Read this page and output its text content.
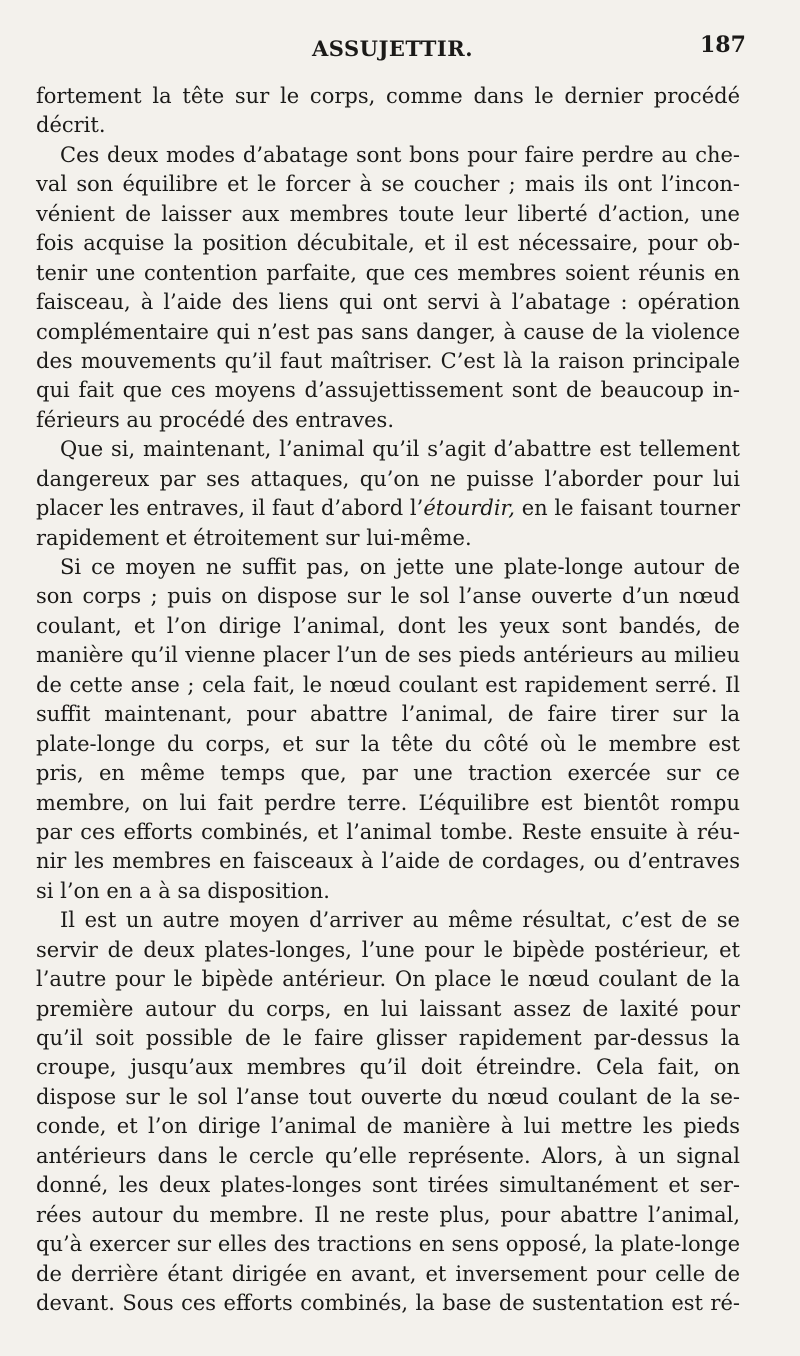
ASSUJETTIR.	187
fortement la tête sur le corps, comme dans le dernier procédé
décrit.
Ces deux modes d’abatage sont bons pour faire perdre au che-
val son équilibre et le forcer à se coucher ; mais ils ont l’incon-
vénient de laisser aux membres toute leur liberté d’action, une
fois acquise la position décubitale, et il est nécessaire, pour ob-
tenir une contention parfaite, que ces membres soient réunis en
faisceau, à l’aide des liens qui ont servi à l’abatage : opération
complémentaire qui n’est pas sans danger, à cause de la violence
des mouvements qu’il faut maîtriser. C’est là la raison principale
qui fait que ces moyens d’assujettissement sont de beaucoup in-
férieurs au procédé des entraves.
Que si, maintenant, l’animal qu’il s’agit d’abattre est tellement
dangereux par ses attaques, qu’on ne puisse l’aborder pour lui
placer les entraves, il faut d’abord l’étourdir, en le faisant tourner
rapidement et étroitement sur lui-même.
Si ce moyen ne suffit pas, on jette une plate-longe autour de
son corps ; puis on dispose sur le sol l’anse ouverte d’un nœud
coulant, et l’on dirige l’animal, dont les yeux sont bandés, de
manière qu’il vienne placer l’un de ses pieds antérieurs au milieu
de cette anse ; cela fait, le nœud coulant est rapidement serré. Il
suffit maintenant, pour abattre l’animal, de faire tirer sur la
plate-longe du corps, et sur la tête du côté où le membre est
pris, en même temps que, par une traction exercée sur ce
membre, on lui fait perdre terre. L’équilibre est bientôt rompu
par ces efforts combinés, et l’animal tombe. Reste ensuite à réu-
nir les membres en faisceaux à l’aide de cordages, ou d’entraves
si l’on en a à sa disposition.
Il est un autre moyen d’arriver au même résultat, c’est de se
servir de deux plates-longes, l’une pour le bipède postérieur, et
l’autre pour le bipède antérieur. On place le nœud coulant de la
première autour du corps, en lui laissant assez de laxité pour
qu’il soit possible de le faire glisser rapidement par-dessus la
croupe, jusqu’aux membres qu’il doit étreindre. Cela fait, on
dispose sur le sol l’anse tout ouverte du nœud coulant de la se-
conde, et l’on dirige l’animal de manière à lui mettre les pieds
antérieurs dans le cercle qu’elle représente. Alors, à un signal
donné, les deux plates-longes sont tirées simultanément et ser-
rées autour du membre. Il ne reste plus, pour abattre l’animal,
qu’à exercer sur elles des tractions en sens opposé, la plate-longe
de derrière étant dirigée en avant, et inversement pour celle de
devant. Sous ces efforts combinés, la base de sustentation est ré-
